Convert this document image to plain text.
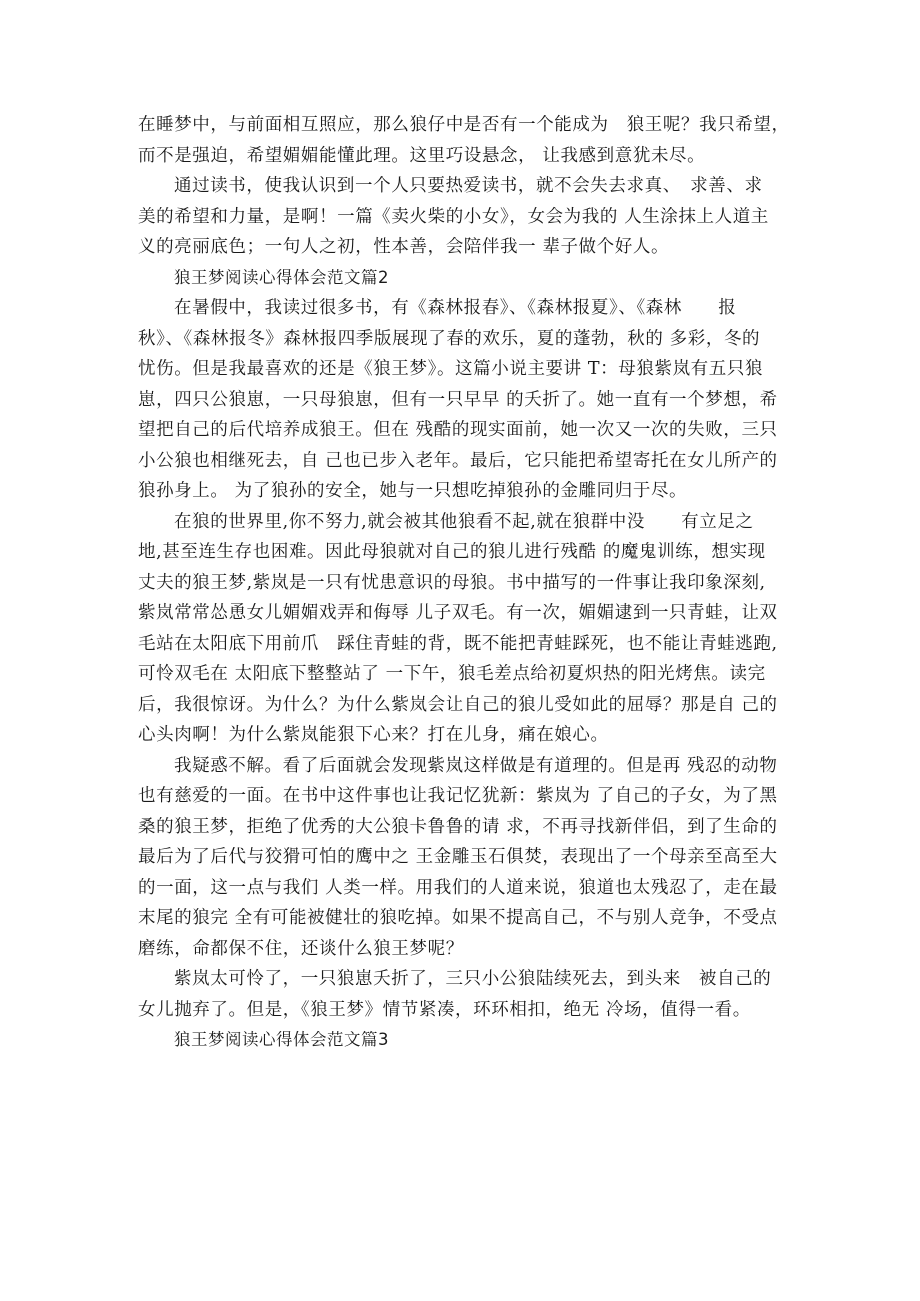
在睡梦中，与前面相互照应，那么狼仔中是否有一个能成为　狼王呢？我只希望，
而不是强迫，希望媚媚能懂此理。这里巧设悬念， 让我感到意犹未尽。
通过读书，使我认识到一个人只要热爱读书，就不会失去求真、　求善、求
美的希望和力量，是啊！一篇《卖火柴的小女》，女会为我的 人生涂抹上人道主
义的亮丽底色；一句人之初，性本善，会陪伴我一 辈子做个好人。
狼王梦阅读心得体会范文篇2
在暑假中，我读过很多书，有《森林报春》、《森林报夏》、《森林　　报
秋》、《森林报冬》森林报四季版展现了春的欢乐，夏的蓬勃，秋的 多彩，冬的
忧伤。但是我最喜欢的还是《狼王梦》。这篇小说主要讲 T：母狼紫岚有五只狼
崽，四只公狼崽，一只母狼崽，但有一只早早 的夭折了。她一直有一个梦想，希
望把自己的后代培养成狼王。但在 残酷的现实面前，她一次又一次的失败，三只
小公狼也相继死去，自 己也已步入老年。最后，它只能把希望寄托在女儿所产的
狼孙身上。 为了狼孙的安全，她与一只想吃掉狼孙的金雕同归于尽。
在狼的世界里,你不努力,就会被其他狼看不起,就在狼群中没　　有立足之
地,甚至连生存也困难。因此母狼就对自己的狼儿进行残酷 的魔鬼训练，想实现
丈夫的狼王梦,紫岚是一只有忧患意识的母狼。书中描写的一件事让我印象深刻,
紫岚常常怂恿女儿媚媚戏弄和侮辱 儿子双毛。有一次，媚媚逮到一只青蛙，让双
毛站在太阳底下用前爪　踩住青蛙的背，既不能把青蛙踩死，也不能让青蛙逃跑,
可怜双毛在 太阳底下整整站了 一下午，狼毛差点给初夏炽热的阳光烤焦。读完
后，我很惊讶。为什么？为什么紫岚会让自己的狼儿受如此的屈辱？那是自 己的
心头肉啊！为什么紫岚能狠下心来？打在儿身，痛在娘心。
我疑惑不解。看了后面就会发现紫岚这样做是有道理的。但是再 残忍的动物
也有慈爱的一面。在书中这件事也让我记忆犹新：紫岚为 了自己的子女，为了黑
桑的狼王梦，拒绝了优秀的大公狼卡鲁鲁的请 求，不再寻找新伴侣，到了生命的
最后为了后代与狡猾可怕的鹰中之 王金雕玉石俱焚，表现出了一个母亲至高至大
的一面，这一点与我们 人类一样。用我们的人道来说，狼道也太残忍了，走在最
末尾的狼完 全有可能被健壮的狼吃掉。如果不提高自己，不与别人竞争，不受点
磨练，命都保不住，还谈什么狼王梦呢？
紫岚太可怜了，一只狼崽夭折了，三只小公狼陆续死去，到头来　被自己的
女儿抛弃了。但是，《狼王梦》情节紧凑，环环相扣，绝无 冷场，值得一看。
狼王梦阅读心得体会范文篇3
